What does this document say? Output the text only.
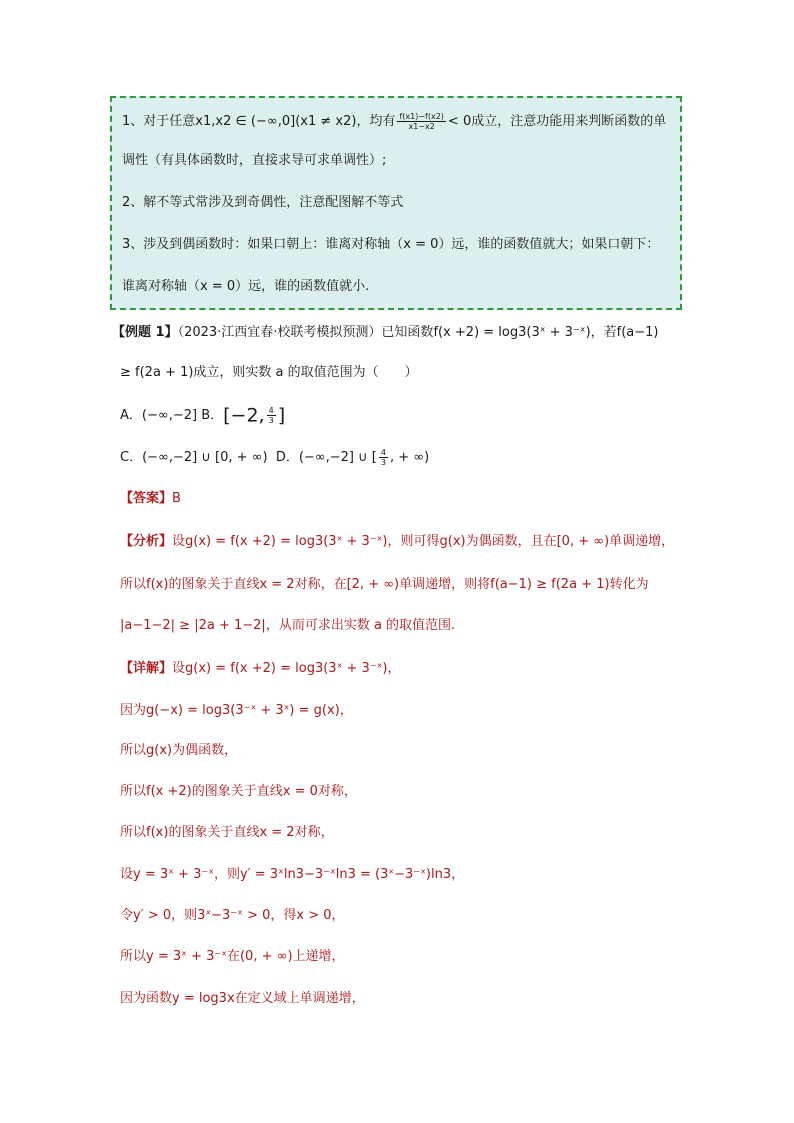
1、对于任意x1,x2 ∈ (−∞,0](x1 ≠ x2)，均有 $\frac{f(x1)-f(x2)}{x1-x2} < 0$成立，注意功能用来判断函数的单
调性（有具体函数时，直接求导可求单调性）;
2、解不等式常涉及到奇偶性，注意配图解不等式
3、涉及到偶函数时：如果口朝上：谁离对称轴（x = 0）远，谁的函数值就大；如果口朝下：
谁离对称轴（x = 0）远，谁的函数值就小.
【例题 1】（2023·江西宜春·校联考模拟预测）已知函数f(x +2) = log3(3ˣ + 3⁻ˣ)，若f(a−1)
≥ f(2a + 1)成立，则实数 a 的取值范围为（　　）
A．(−∞,−2] B．[−2, $\frac{4}{3}$ ]
C．(−∞,−2] ∪ [0, + ∞) D．(−∞,−2] ∪ [ $\frac{4}{3}$ , + ∞)
【答案】B
【分析】设g(x) = f(x +2) = log3(3ˣ + 3⁻ˣ)，则可得g(x)为偶函数，且在[0, + ∞)单调递增，
所以f(x)的图象关于直线x = 2对称，在[2, + ∞)单调递增，则将f(a−1) ≥ f(2a + 1)转化为
|a−1−2| ≥ |2a + 1−2|，从而可求出实数 a 的取值范围.
【详解】设g(x) = f(x +2) = log3(3ˣ + 3⁻ˣ)，
因为g(−x) = log3(3⁻ˣ + 3ˣ) = g(x)，
所以g(x)为偶函数，
所以f(x +2)的图象关于直线x = 0对称，
所以f(x)的图象关于直线x = 2对称，
设y = 3ˣ + 3⁻ˣ，则y′ = 3ˣln3−3⁻ˣln3 = (3ˣ−3⁻ˣ)ln3，
令y′ > 0，则3ˣ−3⁻ˣ > 0，得x > 0，
所以y = 3ˣ + 3⁻ˣ在(0, + ∞)上递增，
因为函数y = log3x在定义域上单调递增，
